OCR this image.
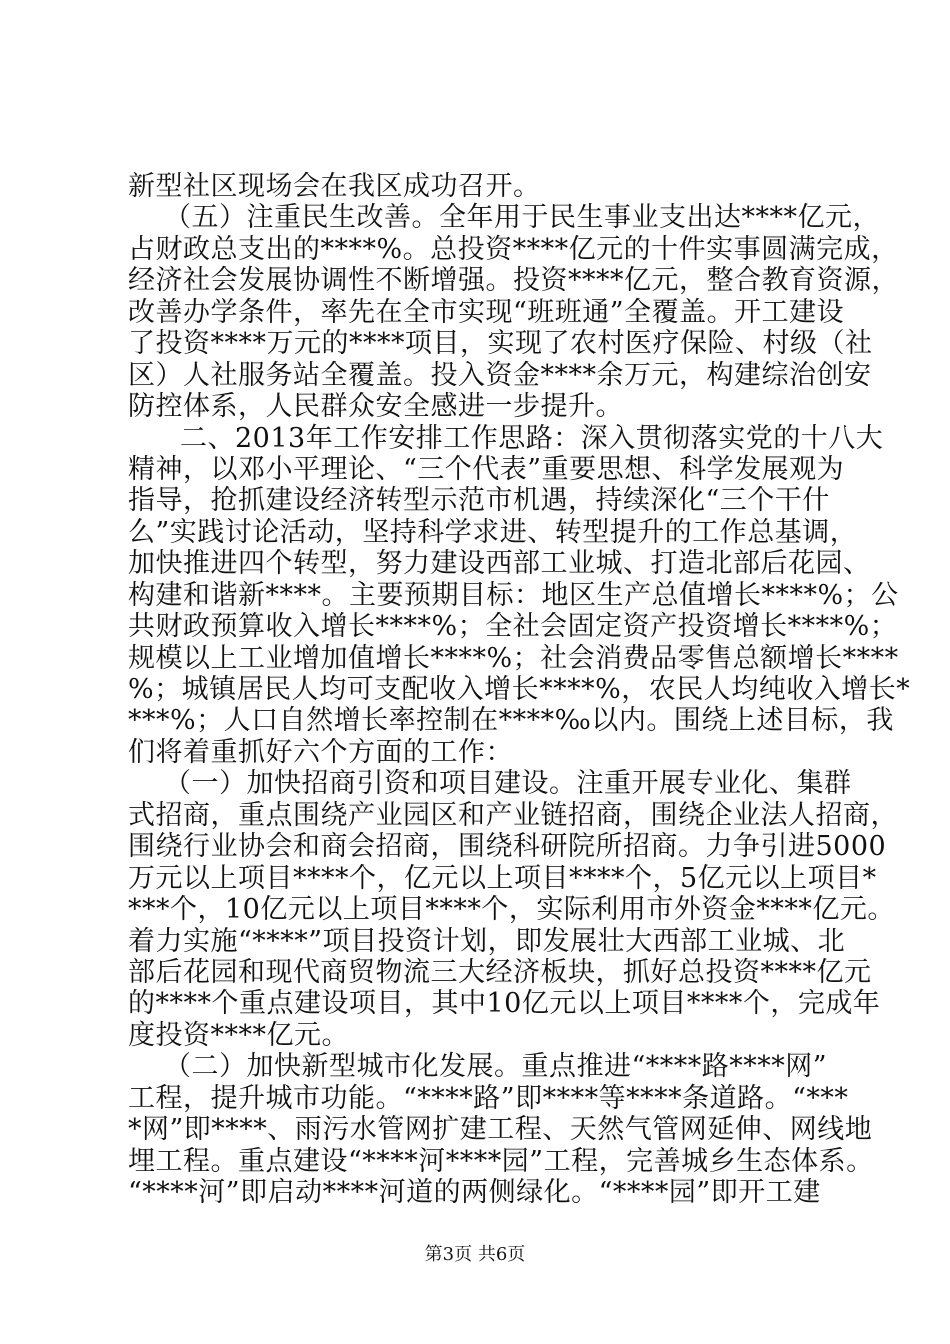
新型社区现场会在我区成功召开。
（五）注重民生改善。全年用于民生事业支出达****亿元，
占财政总支出的****%。总投资****亿元的十件实事圆满完成，
经济社会发展协调性不断增强。投资****亿元，整合教育资源，
改善办学条件，率先在全市实现“班班通”全覆盖。开工建设
了投资****万元的****项目，实现了农村医疗保险、村级（社
区）人社服务站全覆盖。投入资金****余万元，构建综治创安
防控体系，人民群众安全感进一步提升。
二、2013年工作安排工作思路：深入贯彻落实党的十八大
精神，以邓小平理论、“三个代表”重要思想、科学发展观为
指导，抢抓建设经济转型示范市机遇，持续深化“三个干什
么”实践讨论活动，坚持科学求进、转型提升的工作总基调，
加快推进四个转型，努力建设西部工业城、打造北部后花园、
构建和谐新****。主要预期目标：地区生产总值增长****%；公
共财政预算收入增长****%；全社会固定资产投资增长****%；
规模以上工业增加值增长****%；社会消费品零售总额增长****
%；城镇居民人均可支配收入增长****%，农民人均纯收入增长*
***%；人口自然增长率控制在****‰以内。围绕上述目标，我
们将着重抓好六个方面的工作：
（一）加快招商引资和项目建设。注重开展专业化、集群
式招商，重点围绕产业园区和产业链招商，围绕企业法人招商，
围绕行业协会和商会招商，围绕科研院所招商。力争引进5000
万元以上项目****个，亿元以上项目****个，5亿元以上项目*
***个，10亿元以上项目****个，实际利用市外资金****亿元。
着力实施“****”项目投资计划，即发展壮大西部工业城、北
部后花园和现代商贸物流三大经济板块，抓好总投资****亿元
的****个重点建设项目，其中10亿元以上项目****个，完成年
度投资****亿元。
（二）加快新型城市化发展。重点推进“****路****网”
工程，提升城市功能。“****路”即****等****条道路。“***
*网”即****、雨污水管网扩建工程、天然气管网延伸、网线地
埋工程。重点建设“****河****园”工程，完善城乡生态体系。
“****河”即启动****河道的两侧绿化。“****园”即开工建
第3页 共6页
